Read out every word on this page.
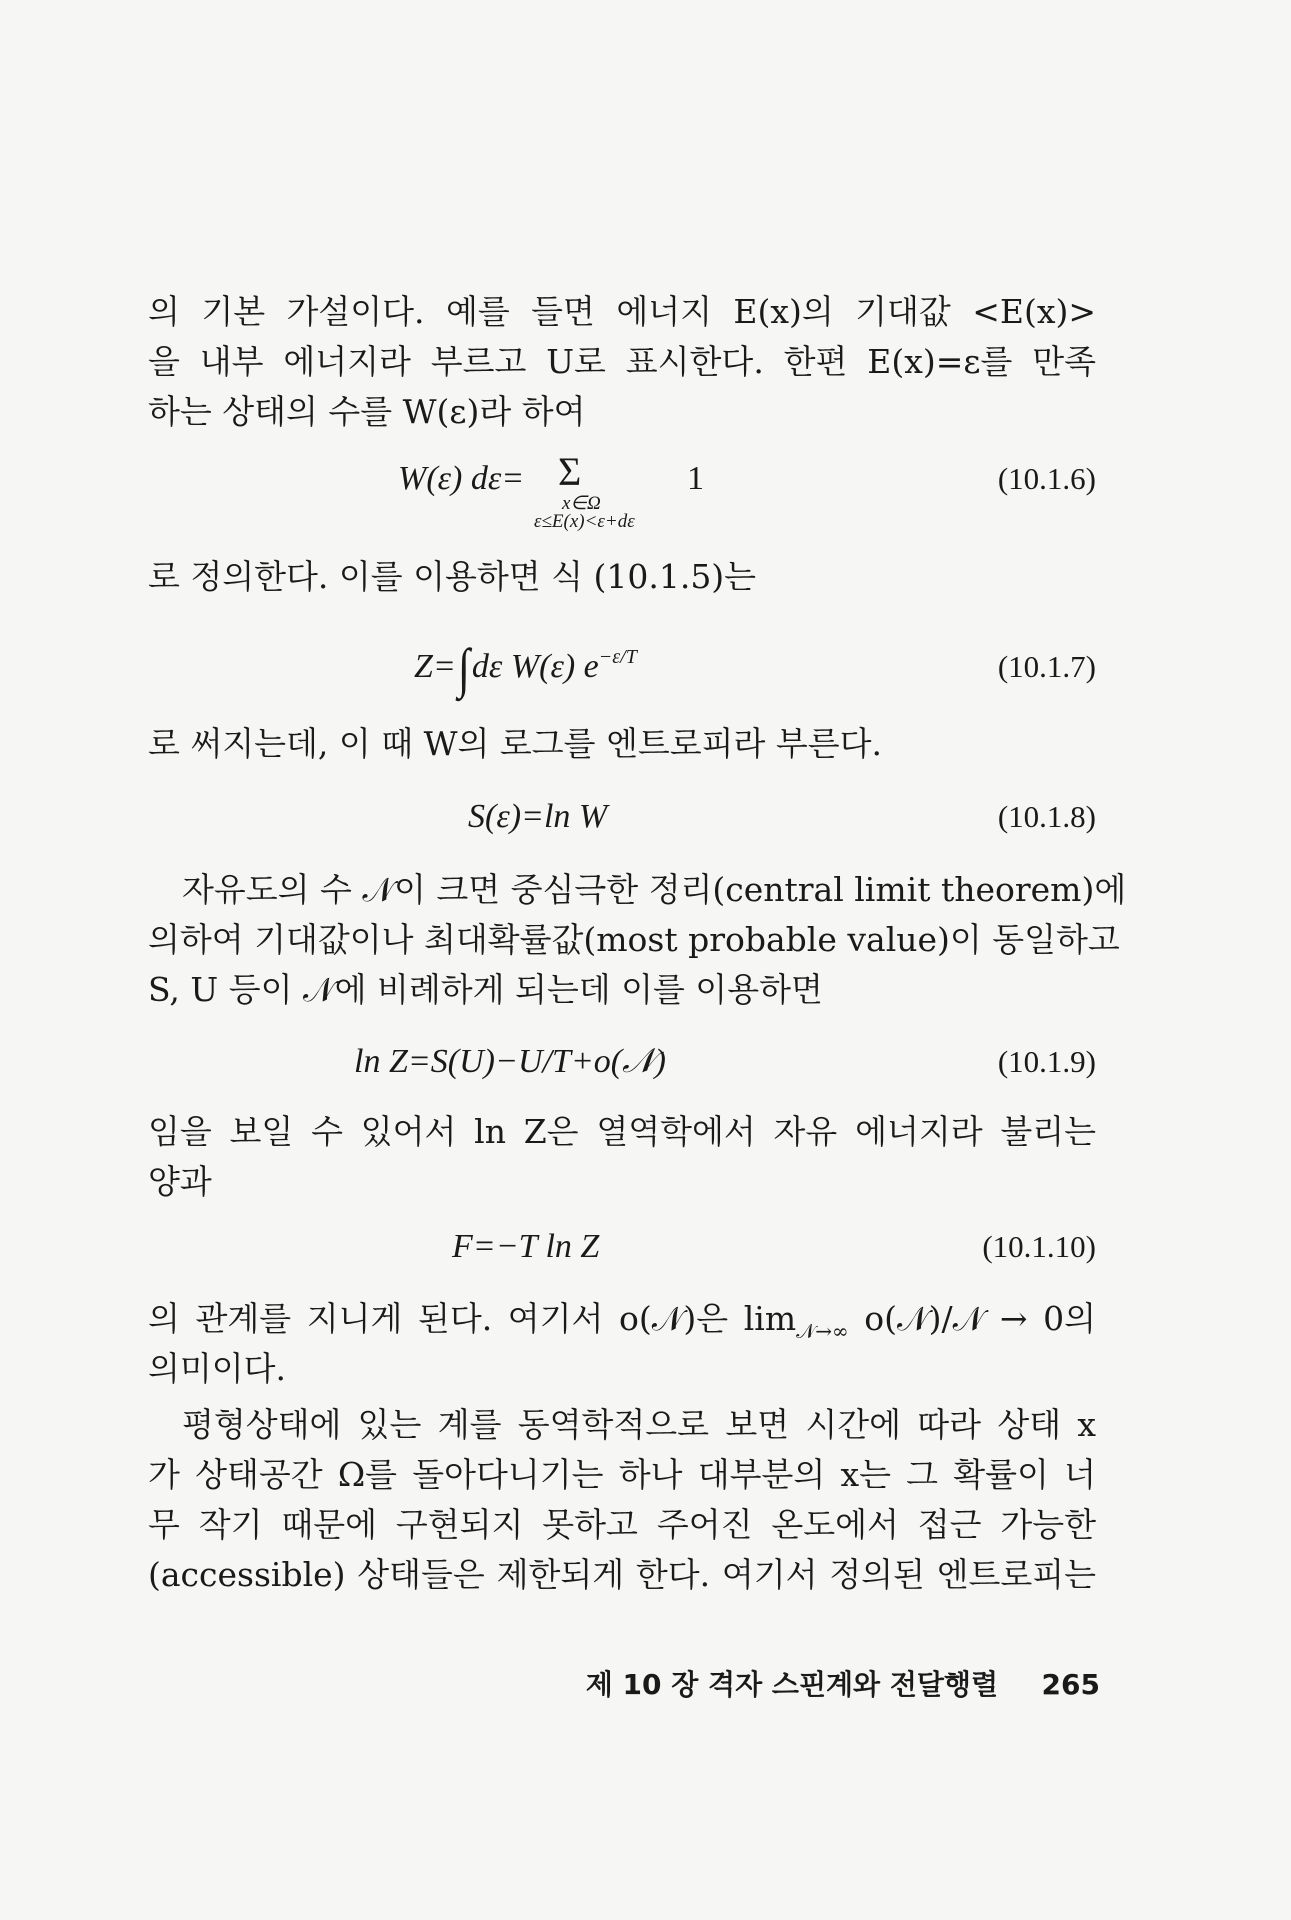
의 기본 가설이다. 예를 들면 에너지 E(x)의 기대값 <E(x)>
을 내부 에너지라 부르고 U로 표시한다. 한편 E(x)=ε를 만족
하는 상태의 수를 W(ε)라 하여
W(ε) dε= Σ
x∈Ω
ε≤E(x)<ε+dε
1	(10.1.6)
로 정의한다. 이를 이용하면 식 (10.1.5)는
Z=∫dε W(ε) $e^{-\varepsilon/T}$	(10.1.7)
로 써지는데, 이 때 W의 로그를 엔트로피라 부른다.
S(ε)=ln W	(10.1.8)
자유도의 수 𝒩이 크면 중심극한 정리(central limit theorem)에
의하여 기대값이나 최대확률값(most probable value)이 동일하고
S, U 등이 𝒩에 비례하게 되는데 이를 이용하면
ln Z=S(U)−U/T+o(𝒩)	(10.1.9)
임을 보일 수 있어서 ln Z은 열역학에서 자유 에너지라 불리는
양과
F=−T ln Z	(10.1.10)
의 관계를 지니게 된다. 여기서 o(𝒩)은 $\lim_{𝒩\to\infty}$ o(𝒩)/𝒩 → 0의
의미이다.
평형상태에 있는 계를 동역학적으로 보면 시간에 따라 상태 x
가 상태공간 Ω를 돌아다니기는 하나 대부분의 x는 그 확률이 너
무 작기 때문에 구현되지 못하고 주어진 온도에서 접근 가능한
(accessible) 상태들은 제한되게 한다. 여기서 정의된 엔트로피는
제 10 장 격자 스핀계와 전달행렬 265
